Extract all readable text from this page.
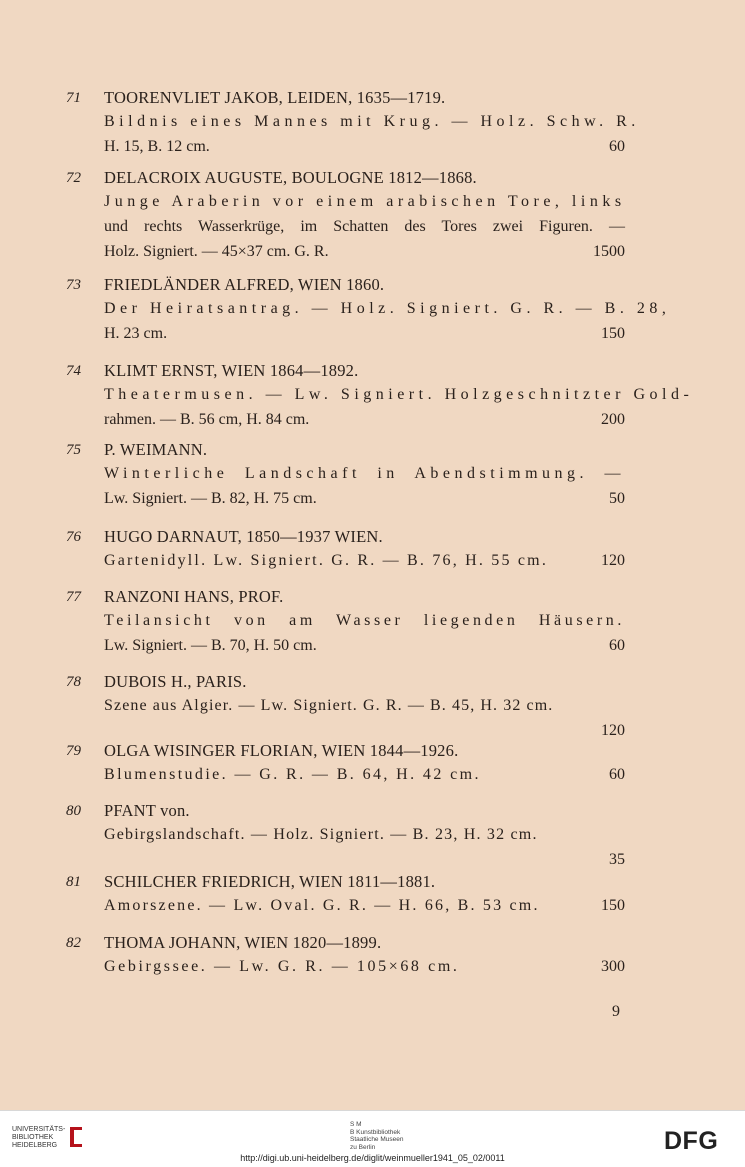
71	TOORENVLIET JAKOB, LEIDEN, 1635—1719.
Bildnis eines Mannes mit Krug. — Holz. Schw. R.
H. 15, B. 12 cm.	60
72	DELACROIX AUGUSTE, BOULOGNE 1812—1868.
Junge Araberin vor einem arabischen Tore, links
und rechts Wasserkrüge, im Schatten des Tores zwei Figuren. —
Holz. Signiert. — 45×37 cm. G. R.	1500
73	FRIEDLÄNDER ALFRED, WIEN 1860.
Der Heiratsantrag. — Holz. Signiert. G. R. — B. 28,
H. 23 cm.	150
74	KLIMT ERNST, WIEN 1864—1892.
Theatermusen. — Lw. Signiert. Holzgeschnitzter Gold-
rahmen. — B. 56 cm, H. 84 cm.	200
75	P. WEIMANN.
Winterliche Landschaft in Abendstimmung. —
Lw. Signiert. — B. 82, H. 75 cm.	50
76	HUGO DARNAUT, 1850—1937 WIEN.
Gartenidyll. Lw. Signiert. G. R. — B. 76, H. 55 cm.	120
77	RANZONI HANS, PROF.
Teilansicht von am Wasser liegenden Häusern.
Lw. Signiert. — B. 70, H. 50 cm.	60
78	DUBOIS H., PARIS.
Szene aus Algier. — Lw. Signiert. G. R. — B. 45, H. 32 cm.
120
79	OLGA WISINGER FLORIAN, WIEN 1844—1926.
Blumenstudie. — G. R. — B. 64, H. 42 cm.	60
80	PFANT von.
Gebirgslandschaft. — Holz. Signiert. — B. 23, H. 32 cm.
35
81	SCHILCHER FRIEDRICH, WIEN 1811—1881.
Amorszene. — Lw. Oval. G. R. — H. 66, B. 53 cm.	150
82	THOMA JOHANN, WIEN 1820—1899.
Gebirgssee. — Lw. G. R. — 105×68 cm.	300
9
UNIVERSITÄTS-
BIBLIOTHEK
HEIDELBERG
S M
B Kunstbibliothek
Staatliche Museen
zu Berlin	DFG
http://digi.ub.uni-heidelberg.de/diglit/weinmueller1941_05_02/0011
